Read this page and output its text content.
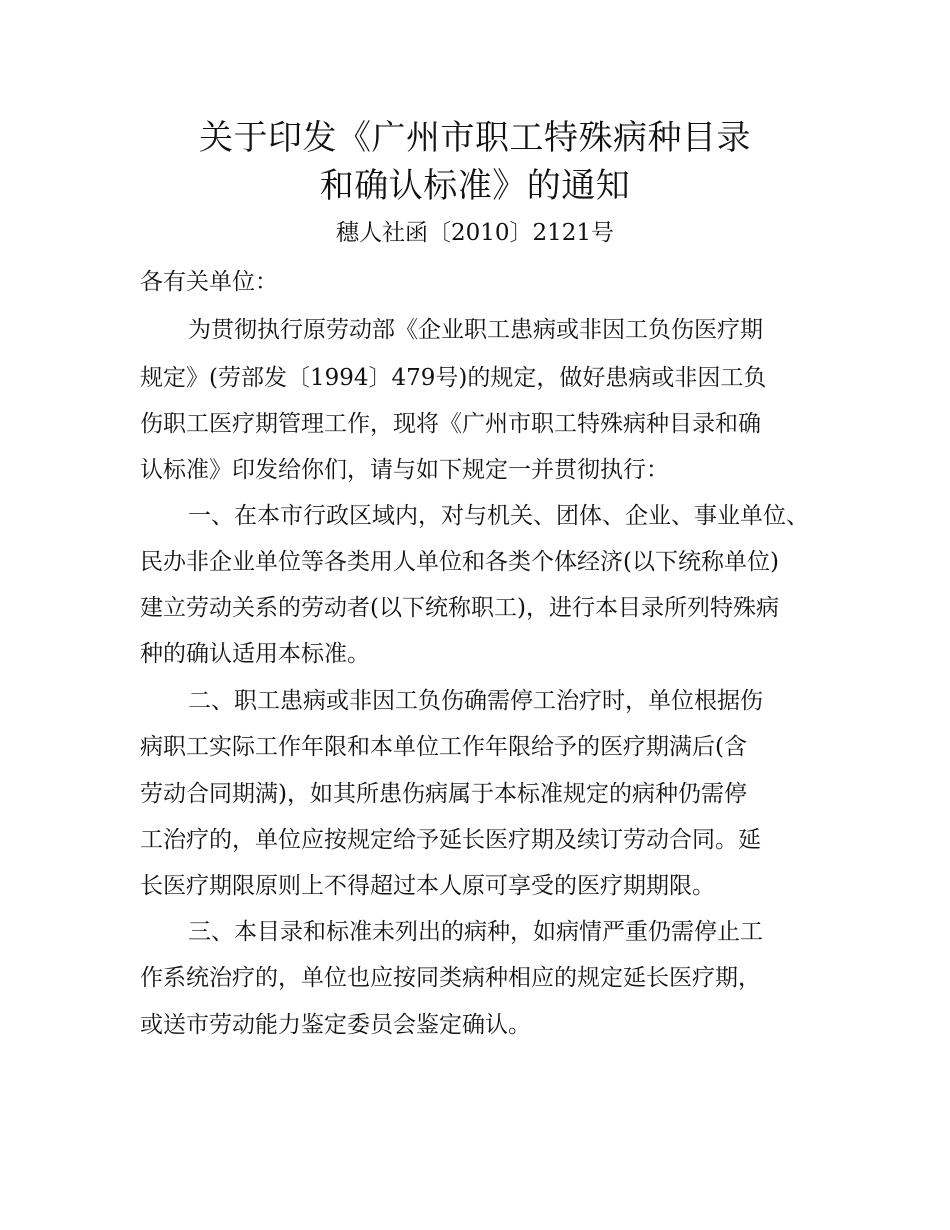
关于印发《广州市职工特殊病种目录
和确认标准》的通知
穗人社函〔2010〕2121号
各有关单位：
为贯彻执行原劳动部《企业职工患病或非因工负伤医疗期
规定》(劳部发〔1994〕479号)的规定，做好患病或非因工负
伤职工医疗期管理工作，现将《广州市职工特殊病种目录和确
认标准》印发给你们，请与如下规定一并贯彻执行：
一、在本市行政区域内，对与机关、团体、企业、事业单位、
民办非企业单位等各类用人单位和各类个体经济(以下统称单位)
建立劳动关系的劳动者(以下统称职工)，进行本目录所列特殊病
种的确认适用本标准。
二、职工患病或非因工负伤确需停工治疗时，单位根据伤
病职工实际工作年限和本单位工作年限给予的医疗期满后(含
劳动合同期满)，如其所患伤病属于本标准规定的病种仍需停
工治疗的，单位应按规定给予延长医疗期及续订劳动合同。延
长医疗期限原则上不得超过本人原可享受的医疗期期限。
三、本目录和标准未列出的病种，如病情严重仍需停止工
作系统治疗的，单位也应按同类病种相应的规定延长医疗期，
或送市劳动能力鉴定委员会鉴定确认。
